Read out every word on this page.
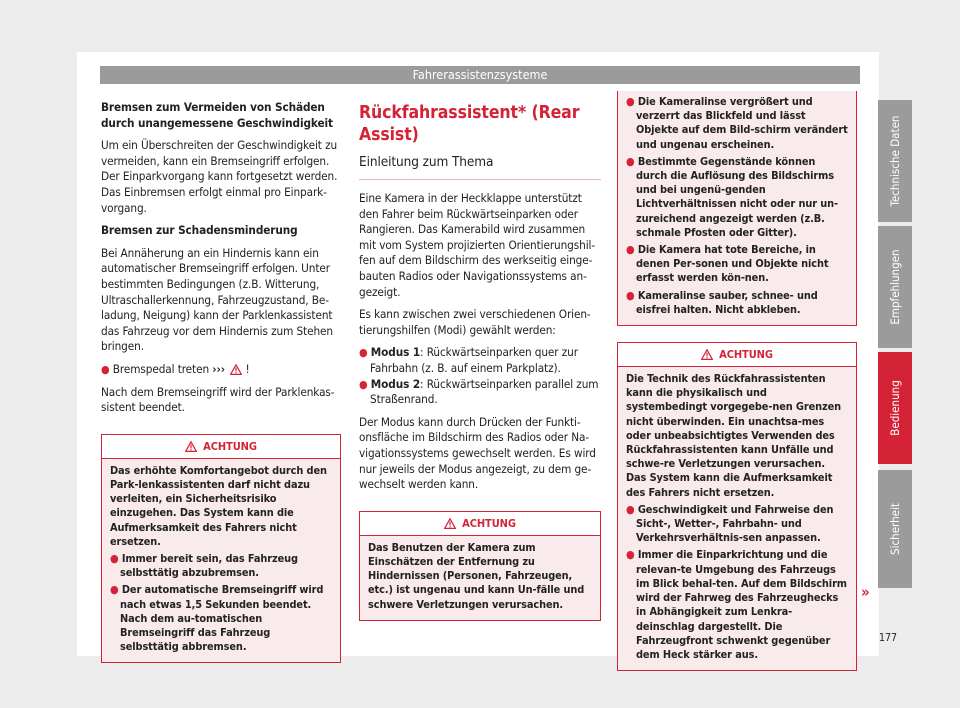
Fahrerassistenzsysteme

Bremsen zum Vermeiden von Schäden durch unangemessene Geschwindigkeit

Um ein Überschreiten der Geschwindigkeit zu vermeiden, kann ein Bremseingriff erfolgen. Der Einparkvorgang kann fortgesetzt werden. Das Einbremsen erfolgt einmal pro Einpark-vorgang.

Bremsen zur Schadensminderung

Bei Annäherung an ein Hindernis kann ein automatischer Bremseingriff erfolgen. Unter bestimmten Bedingungen (z.B. Witterung, Ultraschallerkennung, Fahrzeugzustand, Be-ladung, Neigung) kann der Parklenkassistent das Fahrzeug vor dem Hindernis zum Stehen bringen.

● Bremspedal treten ››› !

Nach dem Bremseingriff wird der Parklenkas-sistent beendet.

ACHTUNG

Das erhöhte Komfortangebot durch den Park-lenkassistenten darf nicht dazu verleiten, ein Sicherheitsrisiko einzugehen. Das System kann die Aufmerksamkeit des Fahrers nicht ersetzen.

● Immer bereit sein, das Fahrzeug selbsttätig abzubremsen.

● Der automatische Bremseingriff wird nach etwas 1,5 Sekunden beendet. Nach dem au-tomatischen Bremseingriff das Fahrzeug selbsttätig abbremsen.

Rückfahrassistent* (Rear Assist)
Einleitung zum Thema

Eine Kamera in der Heckklappe unterstützt den Fahrer beim Rückwärtseinparken oder Rangieren. Das Kamerabild wird zusammen mit vom System projizierten Orientierungshil-fen auf dem Bildschirm des werkseitig einge-bauten Radios oder Navigationssystems an-gezeigt.

Es kann zwischen zwei verschiedenen Orien-tierungshilfen (Modi) gewählt werden:

● Modus 1: Rückwärtseinparken quer zur Fahrbahn (z. B. auf einem Parkplatz).

● Modus 2: Rückwärtseinparken parallel zum Straßenrand.

Der Modus kann durch Drücken der Funkti-onsfläche im Bildschirm des Radios oder Na-vigationssystems gewechselt werden. Es wird nur jeweils der Modus angezeigt, zu dem ge-wechselt werden kann.

ACHTUNG

Das Benutzen der Kamera zum Einschätzen der Entfernung zu Hindernissen (Personen, Fahrzeugen, etc.) ist ungenau und kann Un-fälle und schwere Verletzungen verursachen.

● Die Kameralinse vergrößert und verzerrt das Blickfeld und lässt Objekte auf dem Bild-schirm verändert und ungenau erscheinen.

● Bestimmte Gegenstände können durch die Auflösung des Bildschirms und bei ungenü-genden Lichtverhältnissen nicht oder nur un-zureichend angezeigt werden (z.B. schmale Pfosten oder Gitter).

● Die Kamera hat tote Bereiche, in denen Per-sonen und Objekte nicht erfasst werden kön-nen.

● Kameralinse sauber, schnee- und eisfrei halten. Nicht abkleben.

ACHTUNG

Die Technik des Rückfahrassistenten kann die physikalisch und systembedingt vorgegebe-nen Grenzen nicht überwinden. Ein unachtsa-mes oder unbeabsichtigtes Verwenden des Rückfahrassistenten kann Unfälle und schwe-re Verletzungen verursachen. Das System kann die Aufmerksamkeit des Fahrers nicht ersetzen.

● Geschwindigkeit und Fahrweise den Sicht-, Wetter-, Fahrbahn- und Verkehrsverhältnis-sen anpassen.

● Immer die Einparkrichtung und die relevan-te Umgebung des Fahrzeugs im Blick behal-ten. Auf dem Bildschirm wird der Fahrweg des Fahrzeughecks in Abhängigkeit zum Lenkra-deinschlag dargestellt. Die Fahrzeugfront schwenkt gegenüber dem Heck stärker aus.

»
Technische Daten
Empfehlungen
Bedienung
Sicherheit
177
